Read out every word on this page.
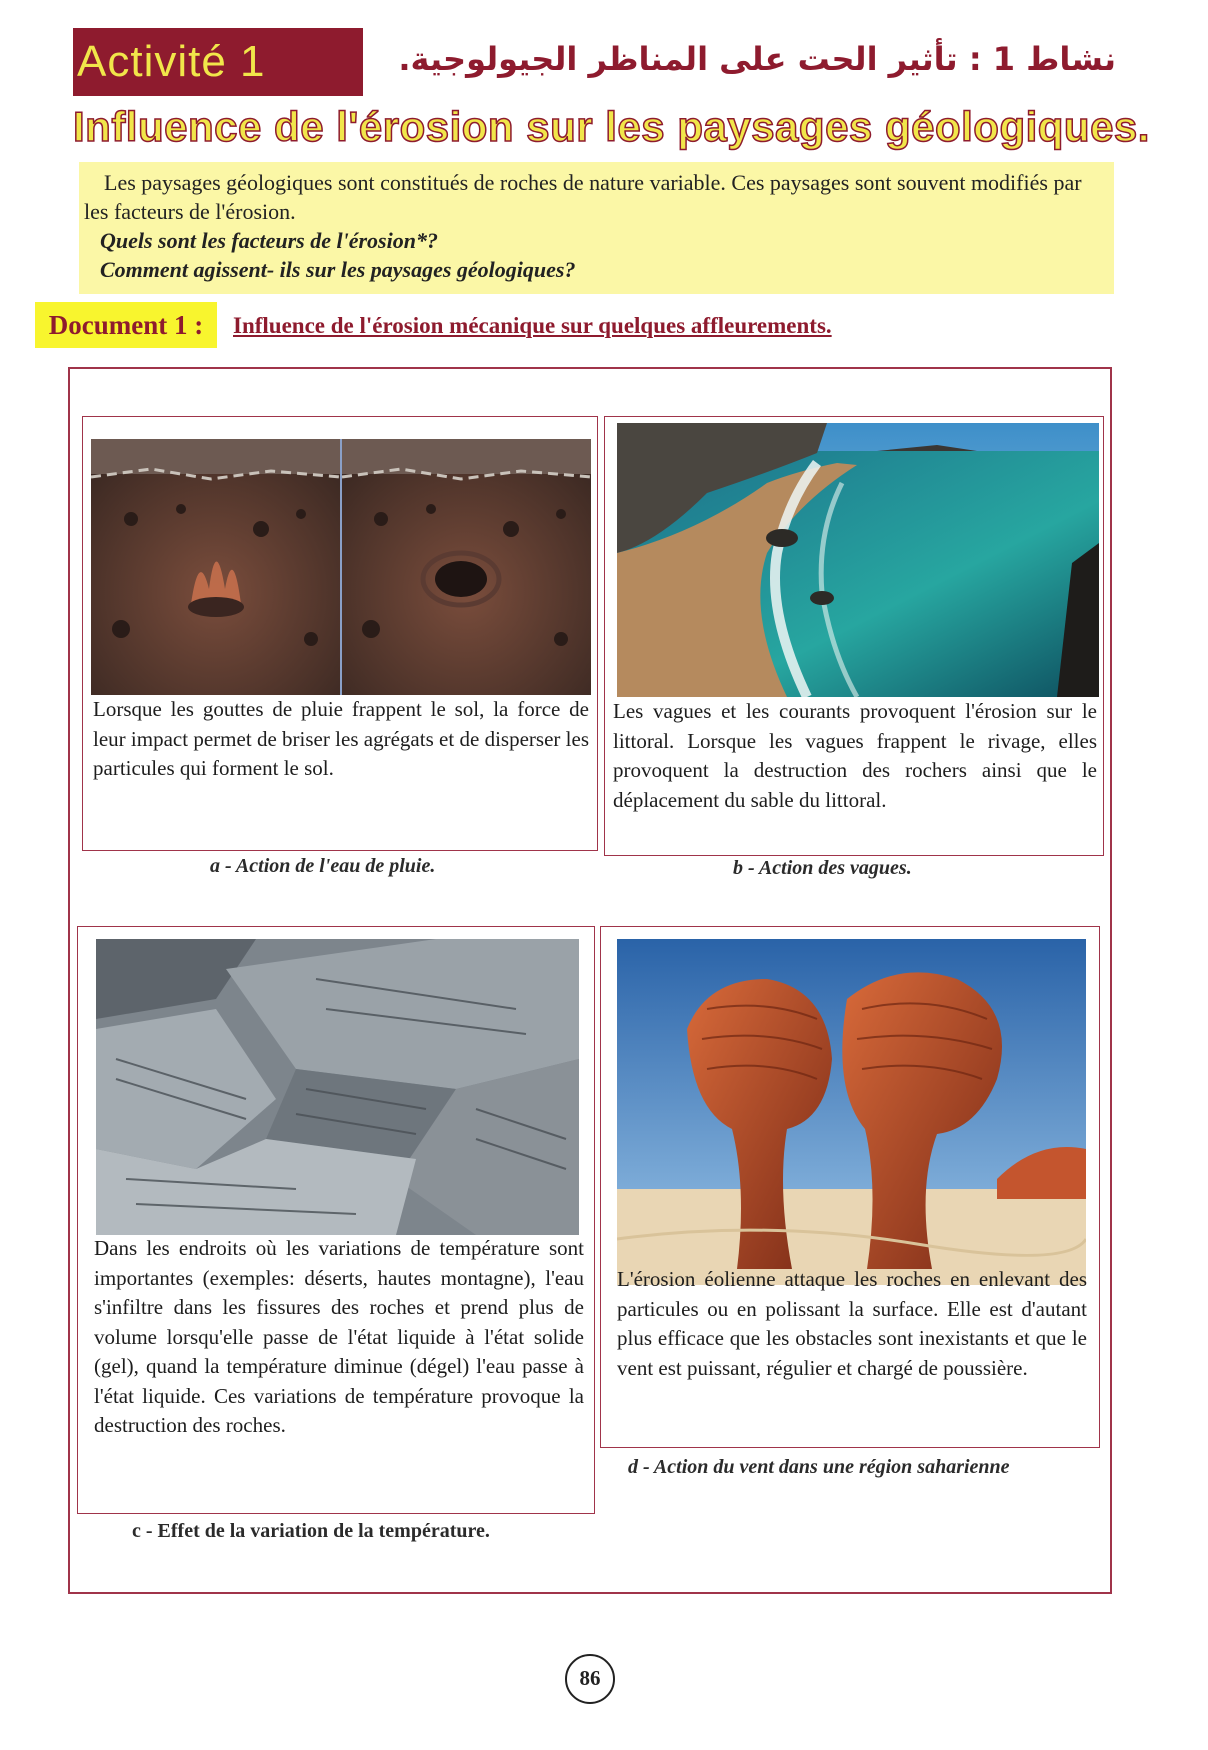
Activité 1	نشاط 1 : تأثير الحت على المناظر الجيولوجية.
Influence de l'érosion sur les paysages géologiques.

Les paysages géologiques sont constitués de roches de nature variable. Ces paysages sont souvent modifiés par les facteurs de l'érosion.

Quels sont les facteurs de l'érosion*?

Comment agissent- ils sur les paysages géologiques?

Document 1 :	Influence de l'érosion mécanique sur quelques affleurements.
Lorsque les gouttes de pluie frappent le sol, la force de leur impact permet de briser les agrégats et de disperser les particules qui forment le sol.
a - Action de l'eau de pluie.
Les vagues et les courants provoquent l'érosion sur le littoral. Lorsque les vagues frappent le rivage, elles provoquent la destruction des rochers ainsi que le déplacement du sable du littoral.
b - Action des vagues.
Dans les endroits où les variations de température sont importantes (exemples: déserts, hautes montagne), l'eau s'infiltre dans les fissures des roches et prend plus de volume lorsqu'elle passe de l'état liquide à l'état solide (gel), quand la température diminue (dégel) l'eau passe à l'état liquide. Ces variations de température provoque la destruction des roches.
c - Effet de la variation de la température.
L'érosion éolienne attaque les roches en enlevant des particules ou en polissant la surface. Elle est d'autant plus efficace que les obstacles sont inexistants et que le vent est puissant, régulier et chargé de poussière.
d - Action du vent dans une région saharienne
86
